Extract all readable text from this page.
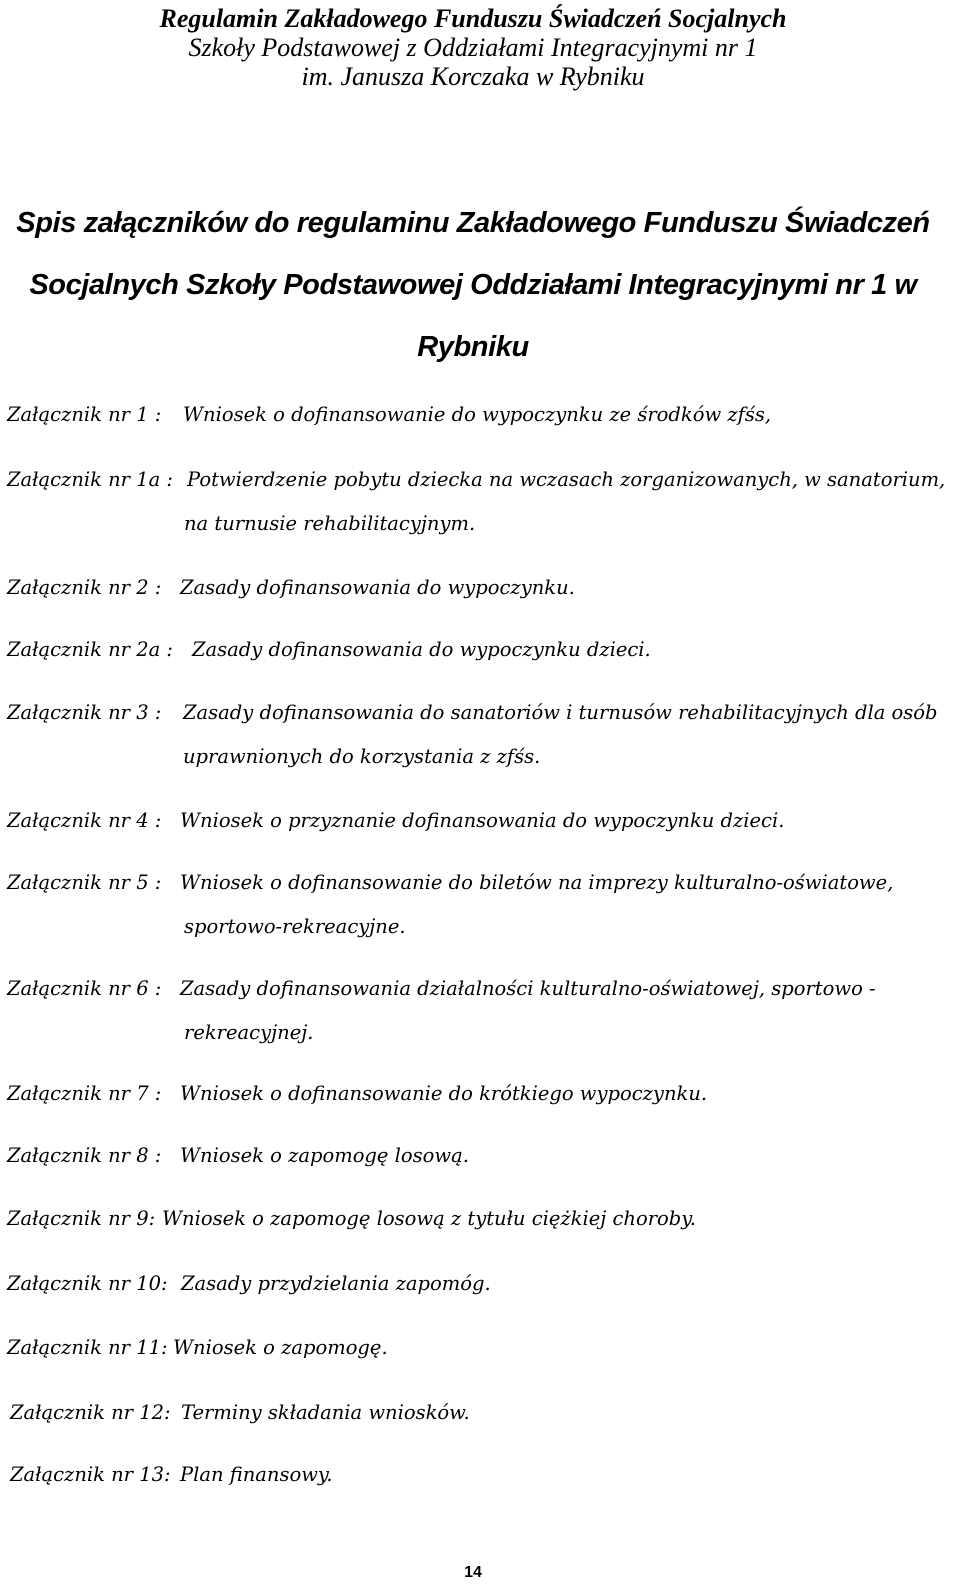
Regulamin Zakładowego Funduszu Świadczeń Socjalnych
Szkoły Podstawowej z Oddziałami Integracyjnymi nr 1
im. Janusza Korczaka w Rybniku
Spis załączników do regulaminu Zakładowego Funduszu Świadczeń
Socjalnych Szkoły Podstawowej Oddziałami Integracyjnymi nr 1 w
Rybniku
Załącznik nr 1 : Wniosek o dofinansowanie do wypoczynku ze środków zfśs,
Załącznik nr 1a : Potwierdzenie pobytu dziecka na wczasach zorganizowanych, w sanatorium,
na turnusie rehabilitacyjnym.
Załącznik nr 2 : Zasady dofinansowania do wypoczynku.
Załącznik nr 2a : Zasady dofinansowania do wypoczynku dzieci.
Załącznik nr 3 : Zasady dofinansowania do sanatoriów i turnusów rehabilitacyjnych dla osób
uprawnionych do korzystania z zfśs.
Załącznik nr 4 : Wniosek o przyznanie dofinansowania do wypoczynku dzieci.
Załącznik nr 5 : Wniosek o dofinansowanie do biletów na imprezy kulturalno-oświatowe,
sportowo-rekreacyjne.
Załącznik nr 6 : Zasady dofinansowania działalności kulturalno-oświatowej, sportowo -
rekreacyjnej.
Załącznik nr 7 : Wniosek o dofinansowanie do krótkiego wypoczynku.
Załącznik nr 8 : Wniosek o zapomogę losową.
Załącznik nr 9: Wniosek o zapomogę losową z tytułu ciężkiej choroby.
Załącznik nr 10: Zasady przydzielania zapomóg.
Załącznik nr 11: Wniosek o zapomogę.
Załącznik nr 12: Terminy składania wniosków.
Załącznik nr 13: Plan finansowy.
14
